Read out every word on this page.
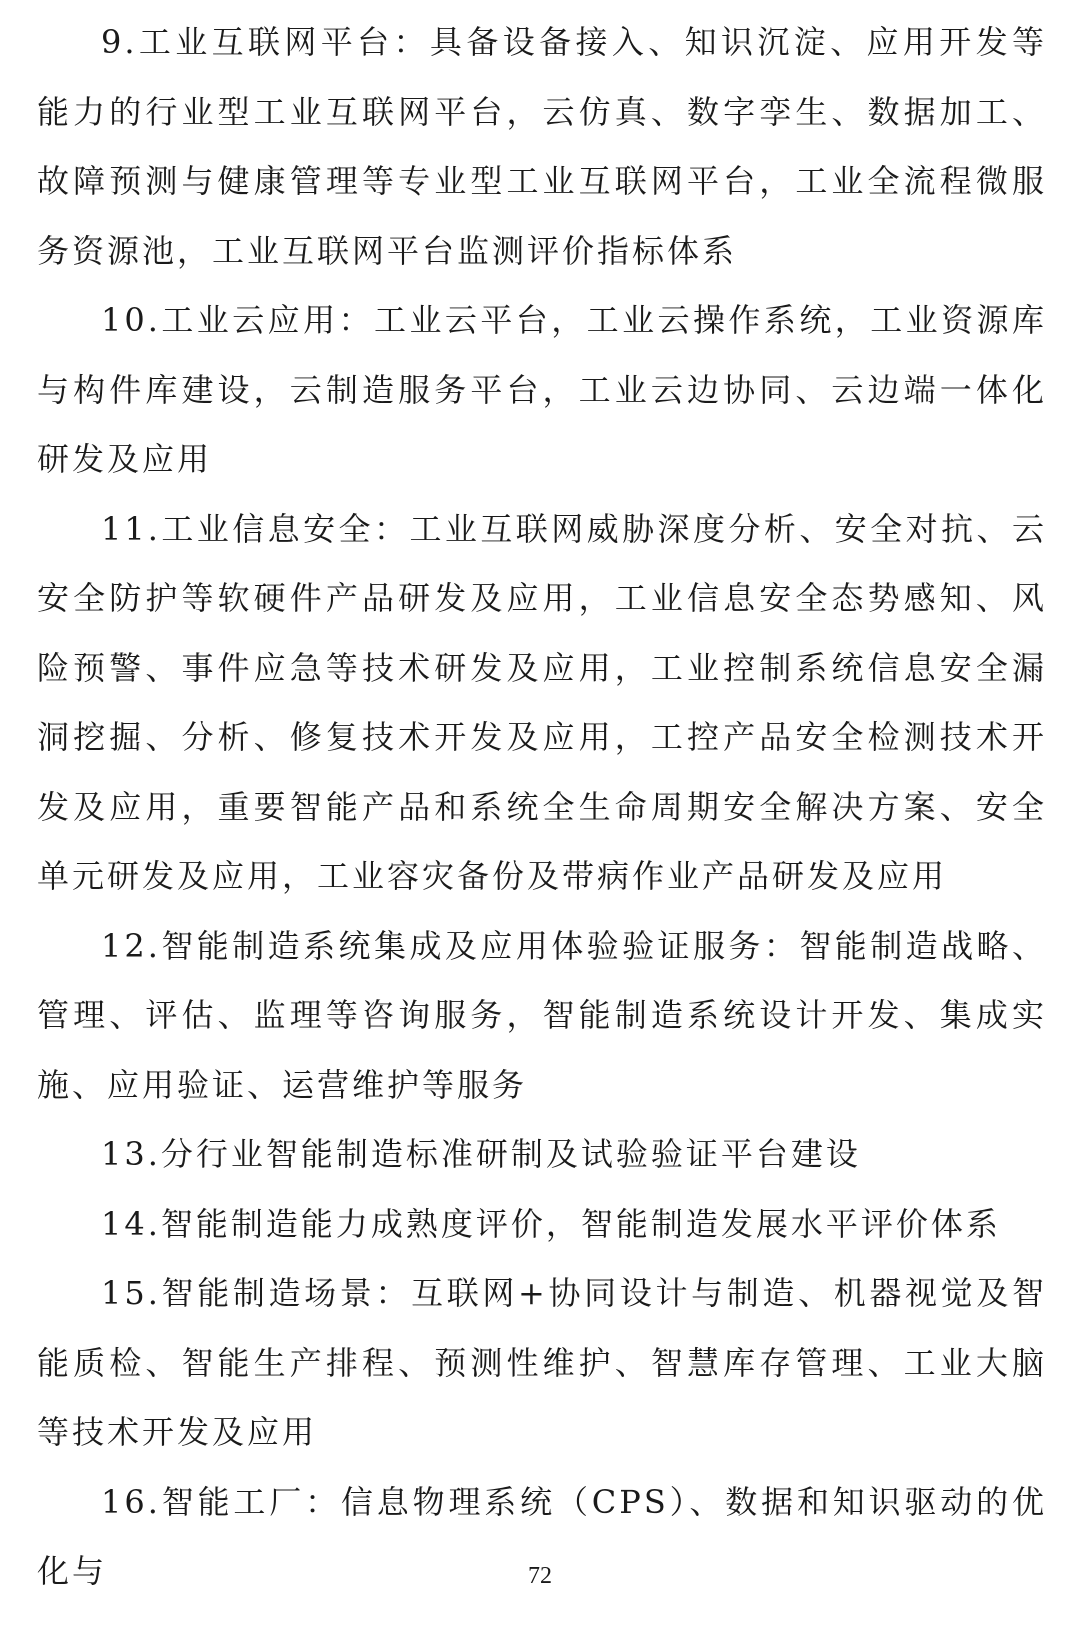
9.工业互联网平台：具备设备接入、知识沉淀、应用开发等能力的行业型工业互联网平台，云仿真、数字孪生、数据加工、故障预测与健康管理等专业型工业互联网平台，工业全流程微服务资源池，工业互联网平台监测评价指标体系

10.工业云应用：工业云平台，工业云操作系统，工业资源库与构件库建设，云制造服务平台，工业云边协同、云边端一体化研发及应用

11.工业信息安全：工业互联网威胁深度分析、安全对抗、云安全防护等软硬件产品研发及应用，工业信息安全态势感知、风险预警、事件应急等技术研发及应用，工业控制系统信息安全漏洞挖掘、分析、修复技术开发及应用，工控产品安全检测技术开发及应用，重要智能产品和系统全生命周期安全解决方案、安全单元研发及应用，工业容灾备份及带病作业产品研发及应用

12.智能制造系统集成及应用体验验证服务：智能制造战略、管理、评估、监理等咨询服务，智能制造系统设计开发、集成实施、应用验证、运营维护等服务

13.分行业智能制造标准研制及试验验证平台建设

14.智能制造能力成熟度评价，智能制造发展水平评价体系

15.智能制造场景：互联网+协同设计与制造、机器视觉及智能质检、智能生产排程、预测性维护、智慧库存管理、工业大脑等技术开发及应用

16.智能工厂：信息物理系统（CPS）、数据和知识驱动的优化与	72
